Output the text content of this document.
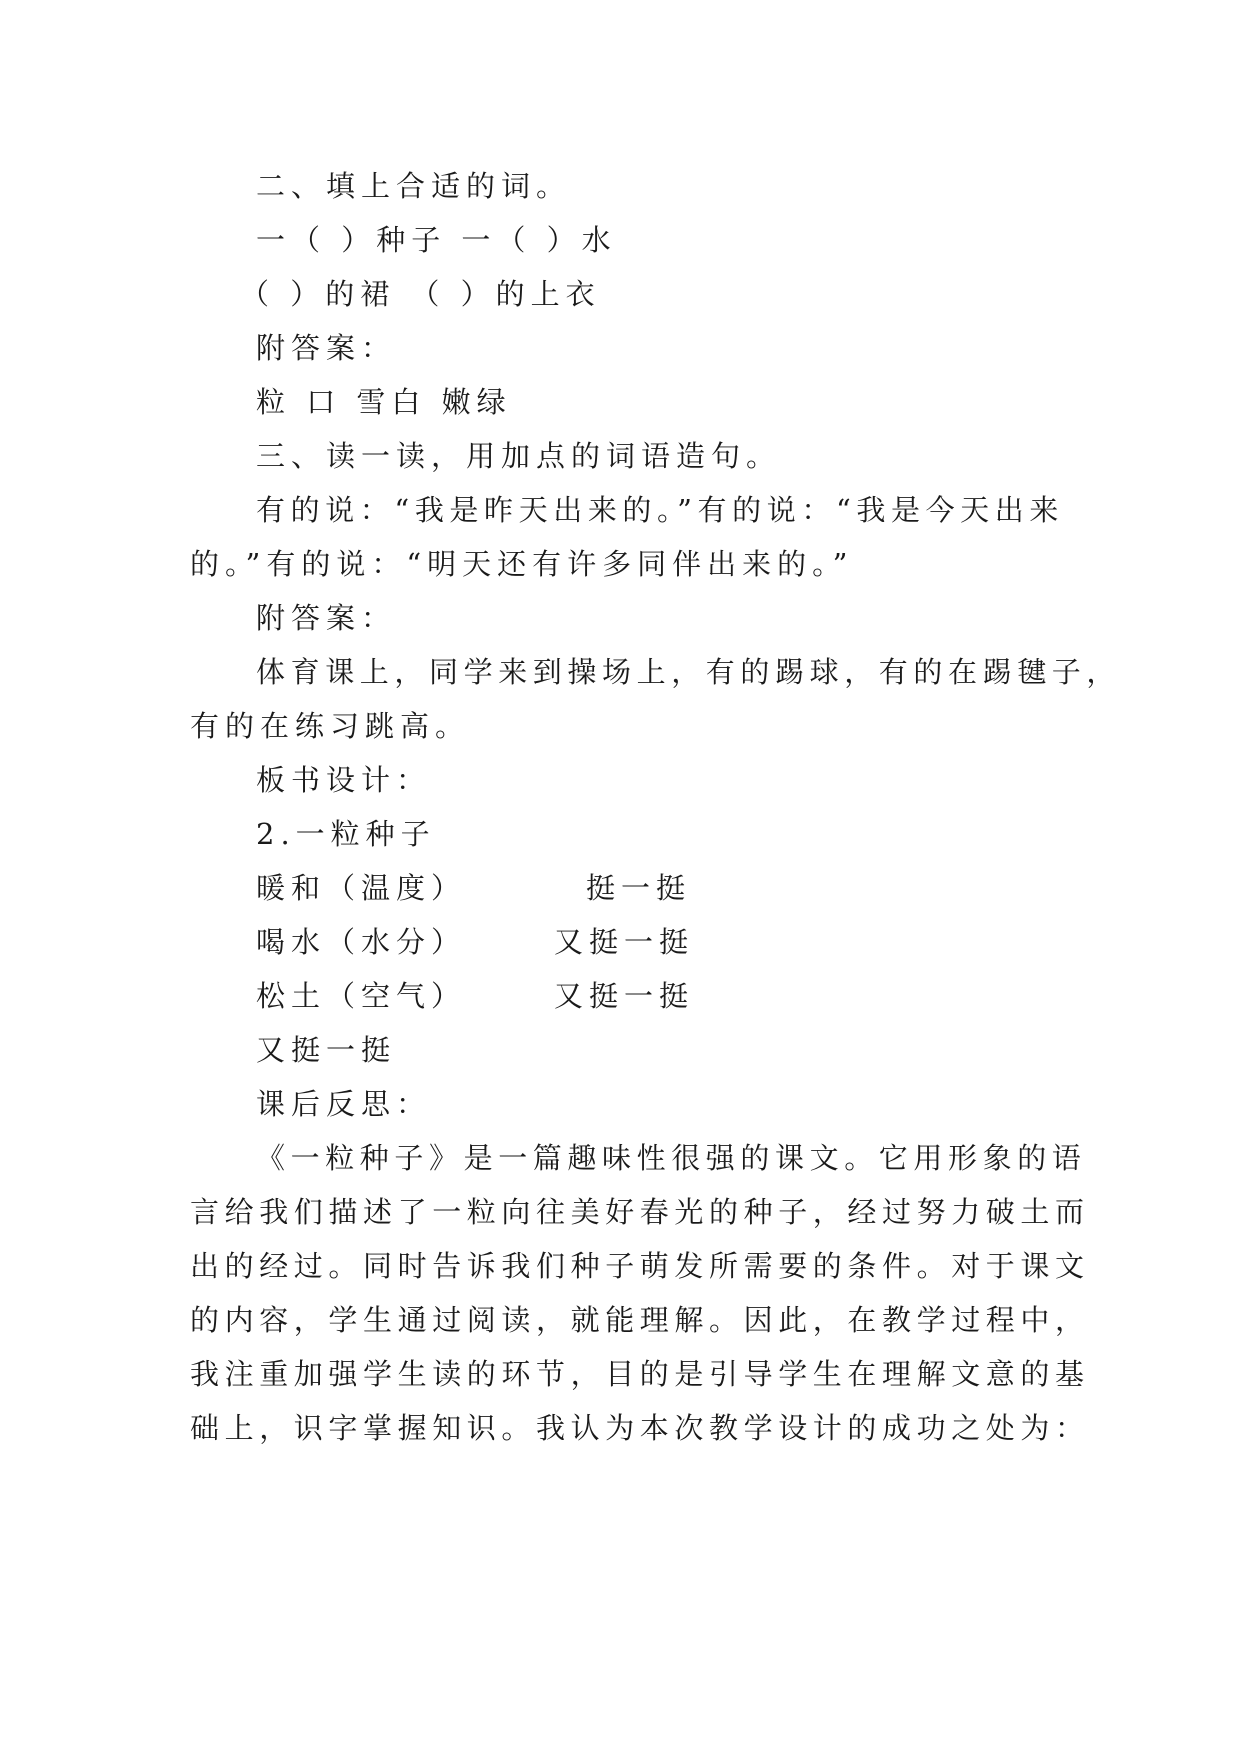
二、填上合适的词。
一（ ）种子 一（ ）水
（ ）的裙 （ ）的上衣
附答案：
粒 口 雪白 嫩绿
三、读一读，用加点的词语造句。
有的说：“我是昨天出来的。”有的说：“我是今天出来
的。”有的说：“明天还有许多同伴出来的。”
附答案：
体育课上，同学来到操场上，有的踢球，有的在踢毽子，
有的在练习跳高。
板书设计：
2.一粒种子
暖和（温度）	挺一挺
喝水（水分）	又挺一挺
松土（空气）	又挺一挺
又挺一挺
课后反思：
《一粒种子》是一篇趣味性很强的课文。它用形象的语
言给我们描述了一粒向往美好春光的种子，经过努力破土而
出的经过。同时告诉我们种子萌发所需要的条件。对于课文
的内容，学生通过阅读，就能理解。因此，在教学过程中，
我注重加强学生读的环节，目的是引导学生在理解文意的基
础上，识字掌握知识。我认为本次教学设计的成功之处为：
